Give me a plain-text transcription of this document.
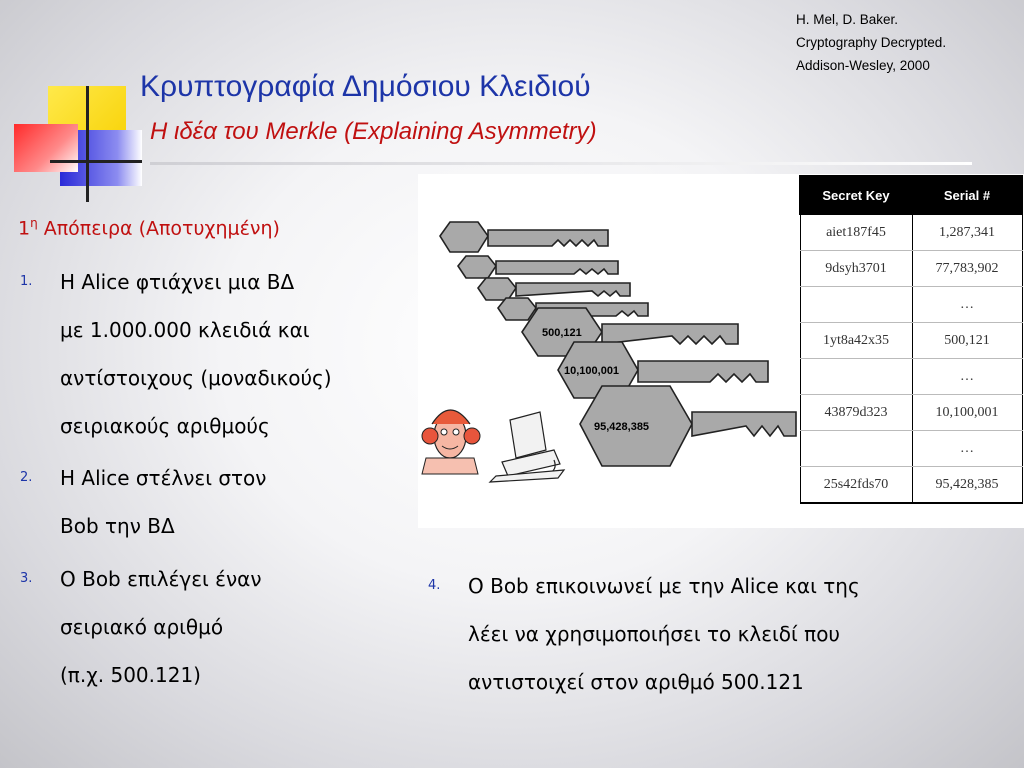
H. Mel, D. Baker.
Cryptography Decrypted.
Addison-Wesley, 2000
Κρυπτογραφία Δημόσιου Κλειδιού
Η ιδέα του Merkle (Explaining Asymmetry)
$1^\eta$ Απόπειρα (Αποτυχημένη)
1. Η Alice φτιάχνει μια ΒΔ
με 1.000.000 κλειδιά και
αντίστοιχους (μοναδικούς)
σειριακούς αριθμούς
2. Η Alice στέλνει στον
Bob την ΒΔ
3. Ο Bob επιλέγει έναν
σειριακό αριθμό
(π.χ. 500.121)
500,121
10,100,001
95,428,385
Secret Key	Serial #
aiet187f45	1,287,341
9dsyh3701	77,783,902
	…
1yt8a42x35	500,121
	…
43879d323	10,100,001
	…
25s42fds70	95,428,385
4. Ο Bob επικοινωνεί με την Alice και της
λέει να χρησιμοποιήσει το κλειδί που
αντιστοιχεί στον αριθμό 500.121
